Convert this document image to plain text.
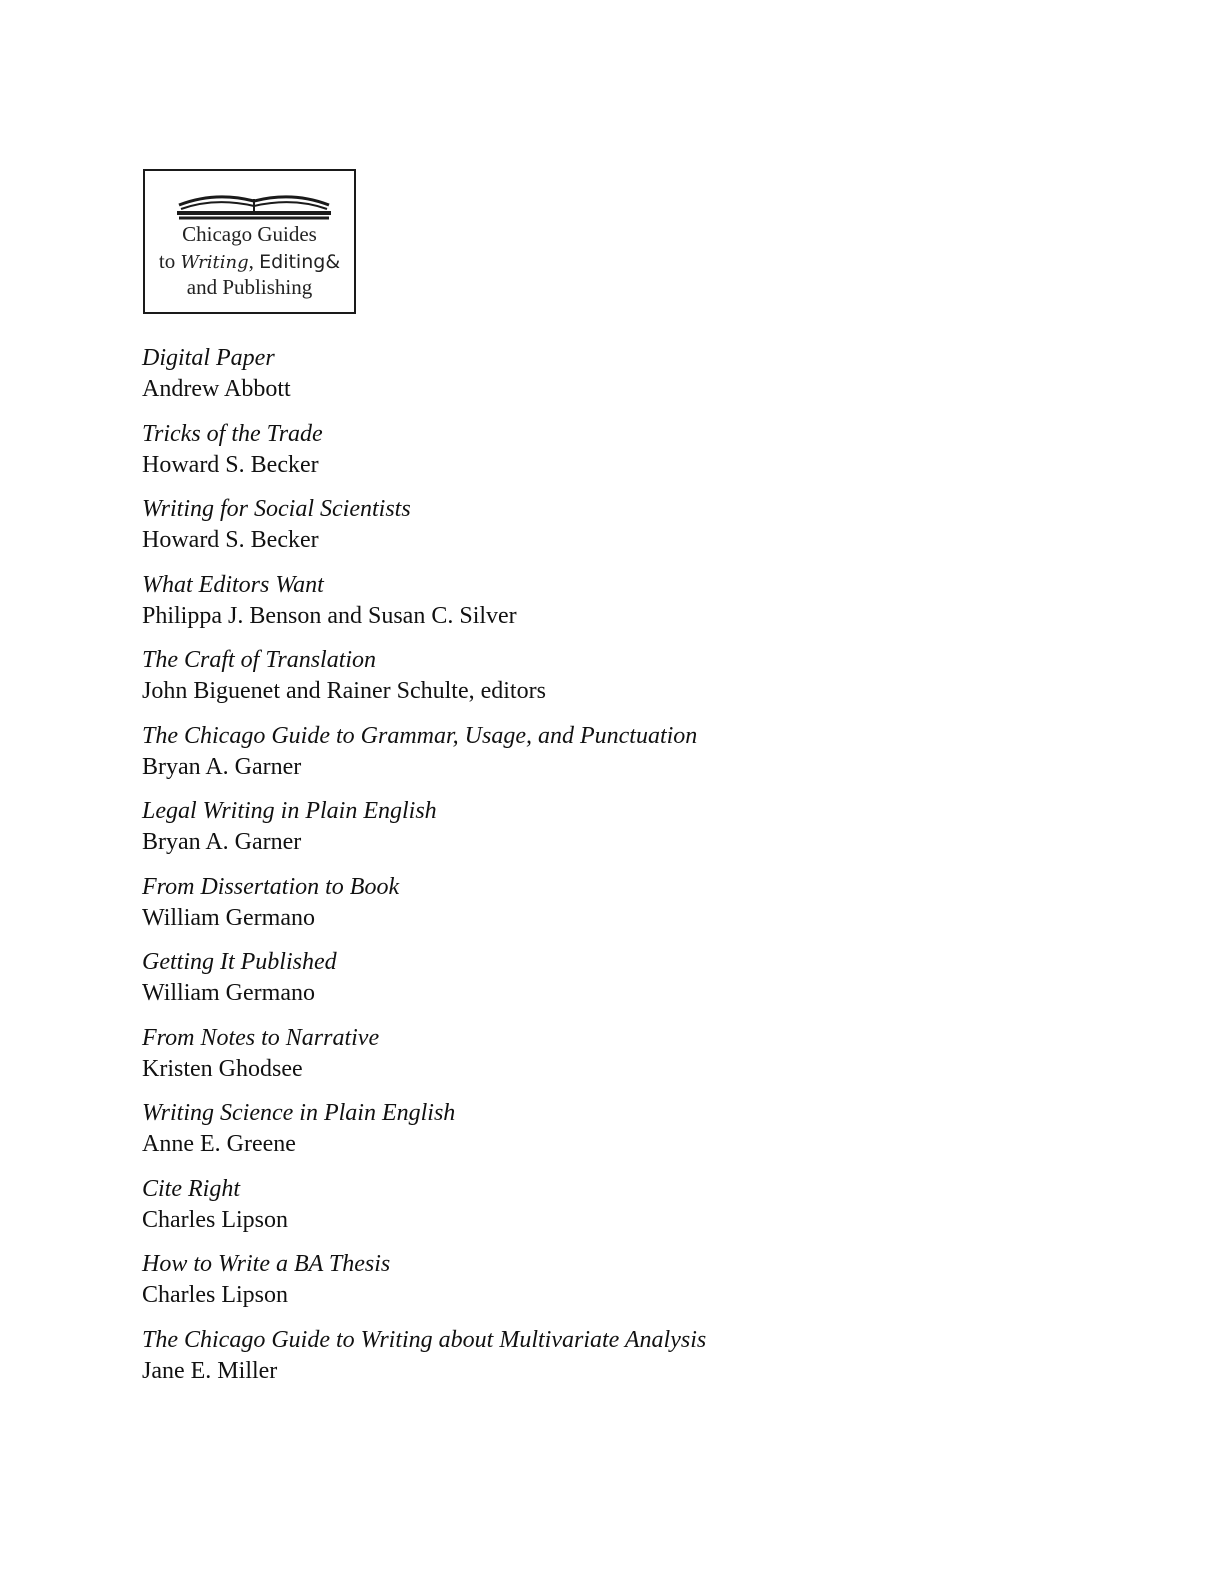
Chicago Guides
to Writing, Editing&
and Publishing
Digital Paper
Andrew Abbott
Tricks of the Trade
Howard S. Becker
Writing for Social Scientists
Howard S. Becker
What Editors Want
Philippa J. Benson and Susan C. Silver
The Craft of Translation
John Biguenet and Rainer Schulte, editors
The Chicago Guide to Grammar, Usage, and Punctuation
Bryan A. Garner
Legal Writing in Plain English
Bryan A. Garner
From Dissertation to Book
William Germano
Getting It Published
William Germano
From Notes to Narrative
Kristen Ghodsee
Writing Science in Plain English
Anne E. Greene
Cite Right
Charles Lipson
How to Write a BA Thesis
Charles Lipson
The Chicago Guide to Writing about Multivariate Analysis
Jane E. Miller
